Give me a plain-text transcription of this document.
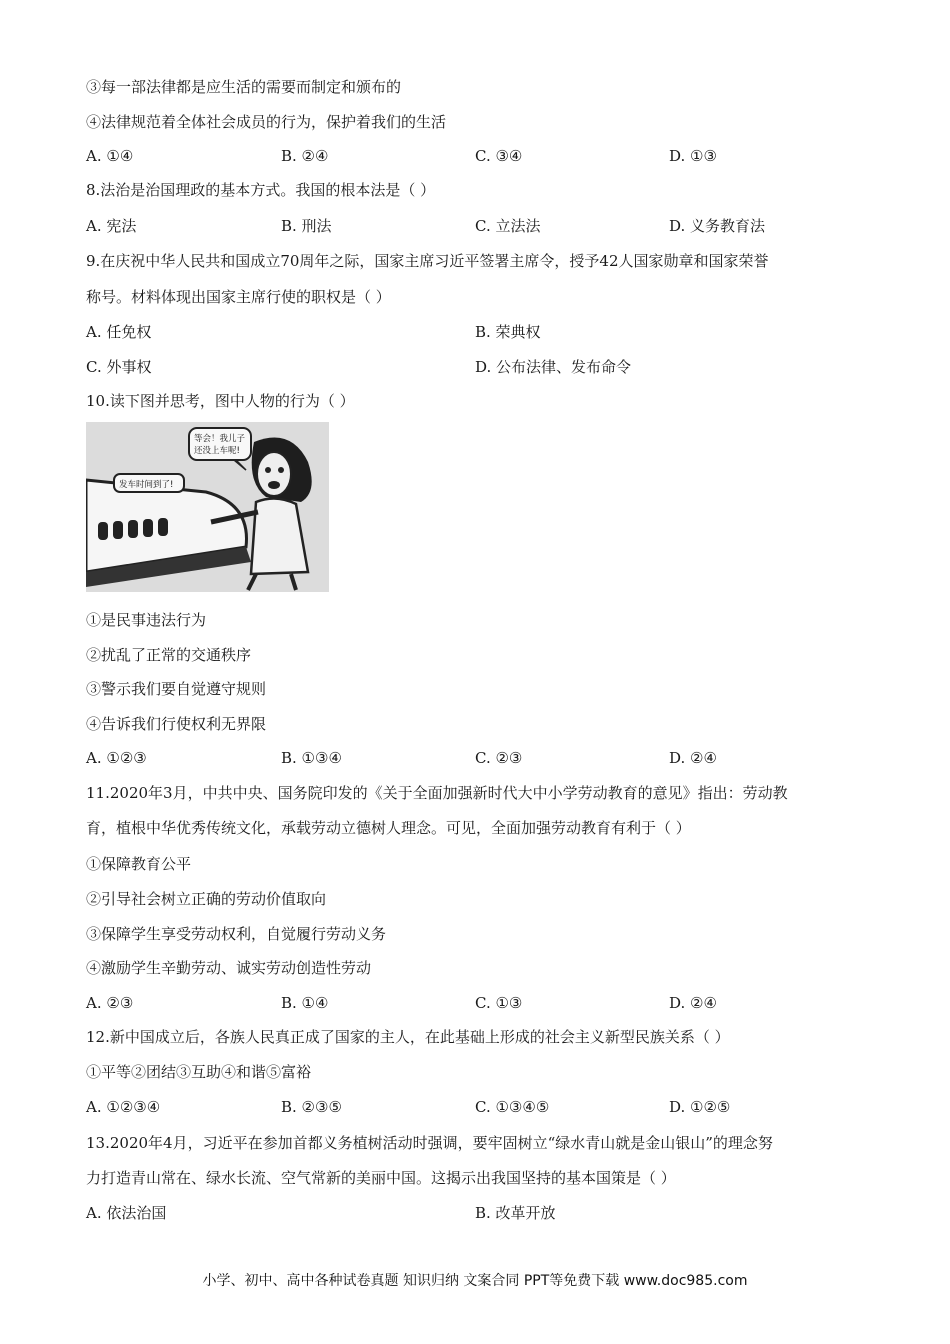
③每一部法律都是应生活的需要而制定和颁布的
④法律规范着全体社会成员的行为，保护着我们的生活
A. ①④	B. ②④	C. ③④	D. ①③
8.法治是治国理政的基本方式。我国的根本法是（ ）
A. 宪法	B. 刑法	C. 立法法	D. 义务教育法
9.在庆祝中华人民共和国成立70周年之际，国家主席习近平签署主席令，授予42人国家勋章和国家荣誉
称号。材料体现出国家主席行使的职权是（ ）
A. 任免权	B. 荣典权
C. 外事权	D. 公布法律、发布命令
10.读下图并思考，图中人物的行为（ ）
等会！我儿子
还没上车呢!
发车时间到了!
①是民事违法行为
②扰乱了正常的交通秩序
③警示我们要自觉遵守规则
④告诉我们行使权利无界限
A. ①②③	B. ①③④	C. ②③	D. ②④
11.2020年3月，中共中央、国务院印发的《关于全面加强新时代大中小学劳动教育的意见》指出：劳动教
育，植根中华优秀传统文化，承载劳动立德树人理念。可见，全面加强劳动教育有利于（ ）
①保障教育公平
②引导社会树立正确的劳动价值取向
③保障学生享受劳动权利，自觉履行劳动义务
④激励学生辛勤劳动、诚实劳动创造性劳动
A. ②③	B. ①④	C. ①③	D. ②④
12.新中国成立后，各族人民真正成了国家的主人，在此基础上形成的社会主义新型民族关系（ ）
①平等②团结③互助④和谐⑤富裕
A. ①②③④	B. ②③⑤	C. ①③④⑤	D. ①②⑤
13.2020年4月，习近平在参加首都义务植树活动时强调，要牢固树立“绿水青山就是金山银山”的理念努
力打造青山常在、绿水长流、空气常新的美丽中国。这揭示出我国坚持的基本国策是（ ）
A. 依法治国	B. 改革开放
小学、初中、高中各种试卷真题 知识归纳 文案合同 PPT等免费下载 www.doc985.com
